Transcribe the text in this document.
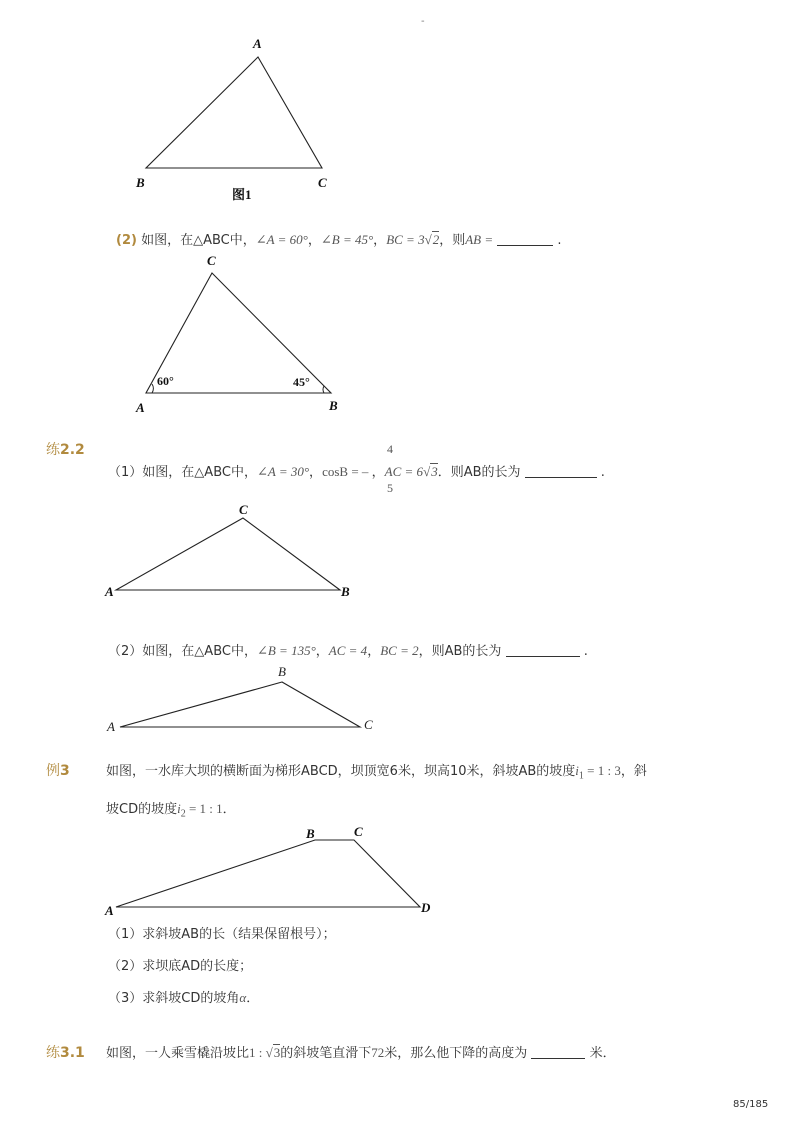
-
A
B	C
图1
(2) 如图，在△ABC中，∠A = 60°，∠B = 45°，BC = 3√2，则AB =	.
C
A	B
60°	45°
练2.2	4
5
（1）如图，在△ABC中，∠A = 30°，cosB = – ，AC = 6√3．则AB的长为	.
C
A	B
（2）如图，在△ABC中，∠B = 135°，AC = 4，BC = 2，则AB的长为	.
B
A	C
例3	如图，一水库大坝的横断面为梯形ABCD，坝顶宽6米，坝高10米，斜坡AB的坡度$i_1 = 1$ : 3，斜
坡CD的坡度$i_2 = 1$ : 1．
B	C
A	D
（1）求斜坡AB的长（结果保留根号）；
（2）求坝底AD的长度；
（3）求斜坡CD的坡角α．
练3.1 如图，一人乘雪橇沿坡比1 : √3的斜坡笔直滑下72米，那么他下降的高度为	米．
85/185
